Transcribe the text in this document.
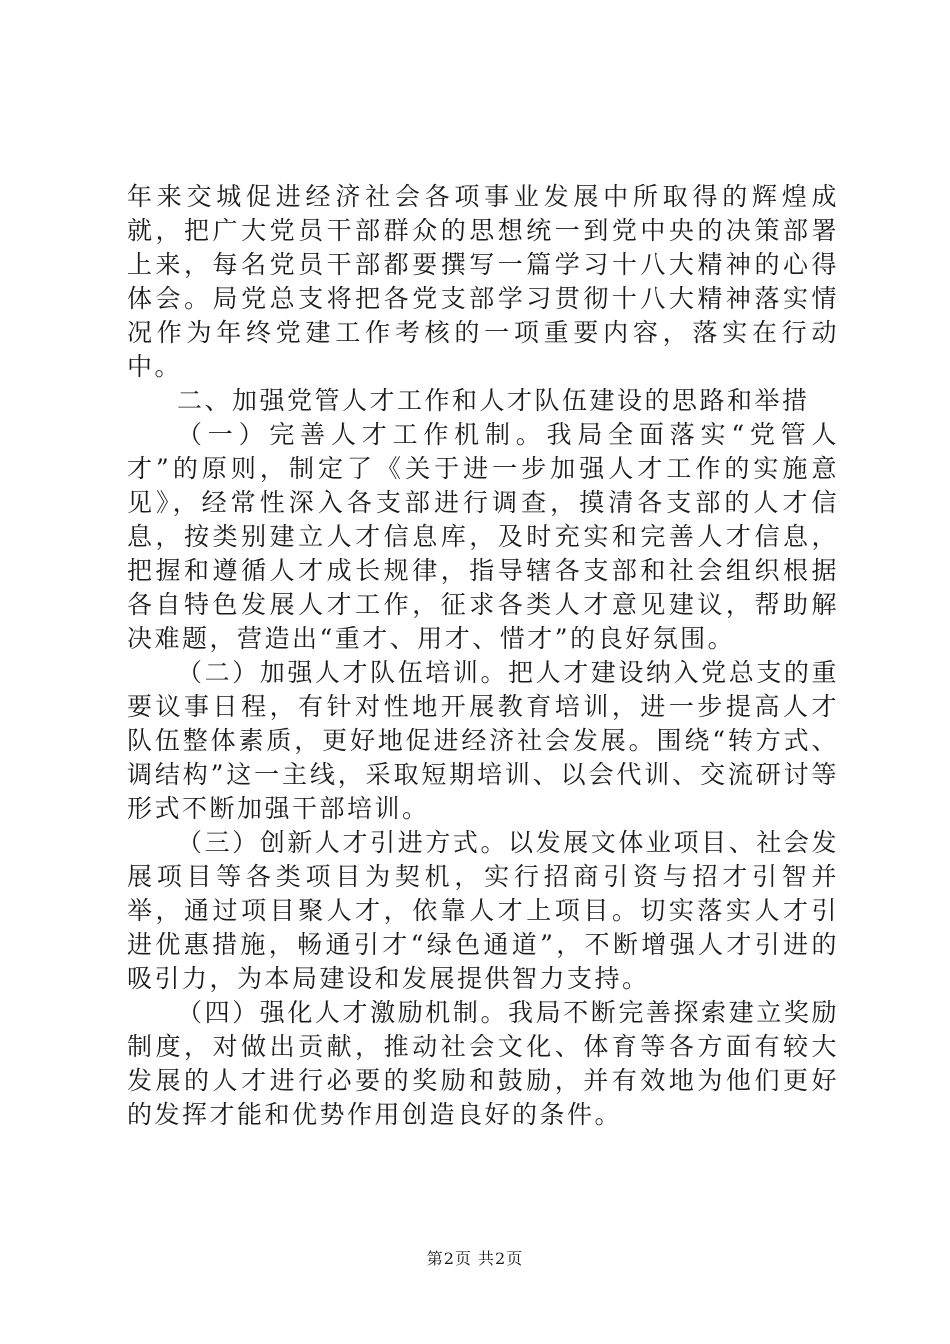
年来交城促进经济社会各项事业发展中所取得的辉煌成就，把广大党员干部群众的思想统一到党中央的决策部署上来，每名党员干部都要撰写一篇学习十八大精神的心得体会。局党总支将把各党支部学习贯彻十八大精神落实情况作为年终党建工作考核的一项重要内容，落实在行动中。

二、加强党管人才工作和人才队伍建设的思路和举措

（一）完善人才工作机制。我局全面落实“党管人才”的原则，制定了《关于进一步加强人才工作的实施意见》，经常性深入各支部进行调查，摸清各支部的人才信息，按类别建立人才信息库，及时充实和完善人才信息，把握和遵循人才成长规律，指导辖各支部和社会组织根据各自特色发展人才工作，征求各类人才意见建议，帮助解决难题，营造出“重才、用才、惜才”的良好氛围。

（二）加强人才队伍培训。把人才建设纳入党总支的重要议事日程，有针对性地开展教育培训，进一步提高人才队伍整体素质，更好地促进经济社会发展。围绕“转方式、调结构”这一主线，采取短期培训、以会代训、交流研讨等形式不断加强干部培训。

（三）创新人才引进方式。以发展文体业项目、社会发展项目等各类项目为契机，实行招商引资与招才引智并举，通过项目聚人才，依靠人才上项目。切实落实人才引进优惠措施，畅通引才“绿色通道”，不断增强人才引进的吸引力，为本局建设和发展提供智力支持。

（四）强化人才激励机制。我局不断完善探索建立奖励制度，对做出贡献，推动社会文化、体育等各方面有较大发展的人才进行必要的奖励和鼓励，并有效地为他们更好的发挥才能和优势作用创造良好的条件。

第2页 共2页
